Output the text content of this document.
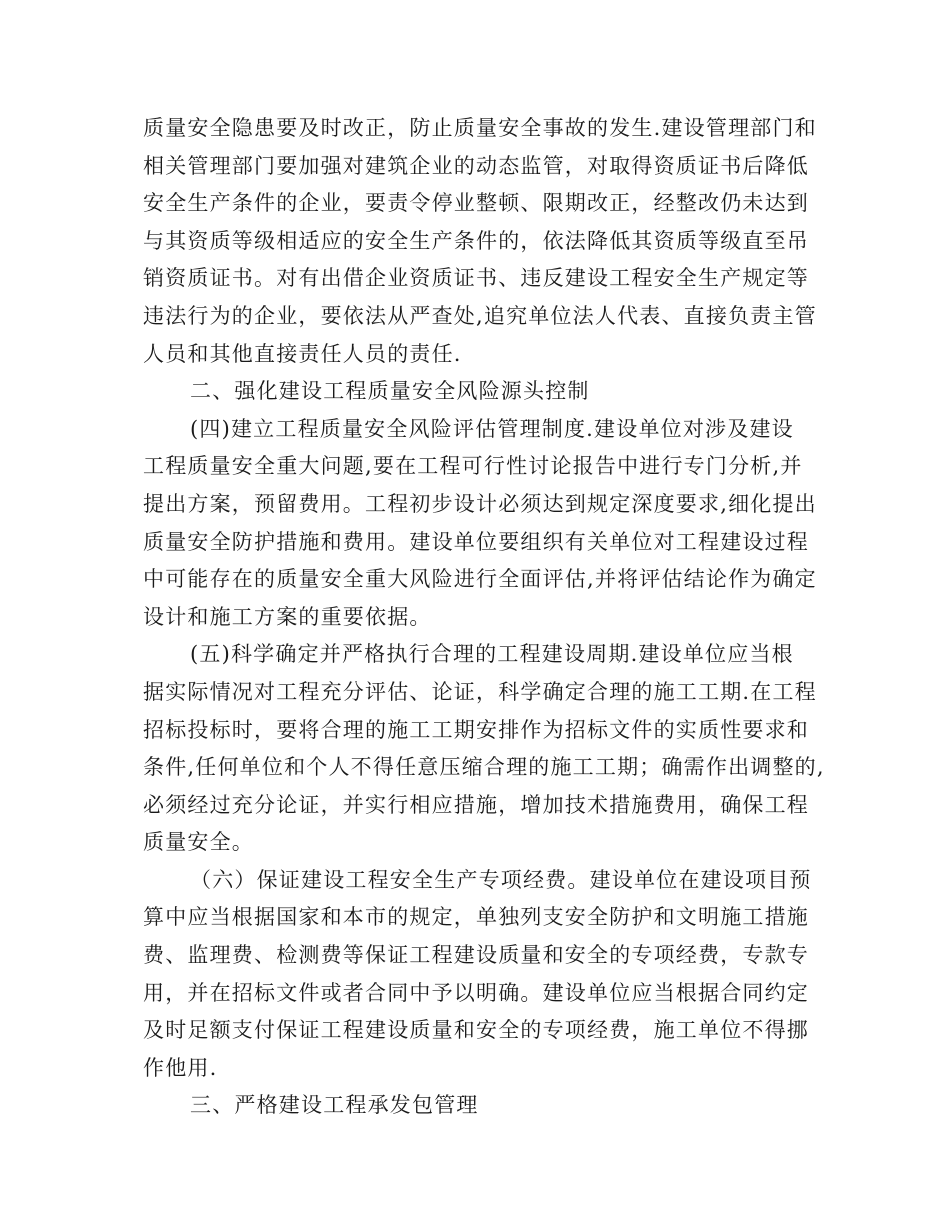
质量安全隐患要及时改正，防止质量安全事故的发生.建设管理部门和
相关管理部门要加强对建筑企业的动态监管，对取得资质证书后降低
安全生产条件的企业，要责令停业整顿、限期改正，经整改仍未达到
与其资质等级相适应的安全生产条件的，依法降低其资质等级直至吊
销资质证书。对有出借企业资质证书、违反建设工程安全生产规定等
违法行为的企业，要依法从严查处,追究单位法人代表、直接负责主管
人员和其他直接责任人员的责任.
二、强化建设工程质量安全风险源头控制
(四)建立工程质量安全风险评估管理制度.建设单位对涉及建设
工程质量安全重大问题,要在工程可行性讨论报告中进行专门分析,并
提出方案，预留费用。工程初步设计必须达到规定深度要求,细化提出
质量安全防护措施和费用。建设单位要组织有关单位对工程建设过程
中可能存在的质量安全重大风险进行全面评估,并将评估结论作为确定
设计和施工方案的重要依据。
(五)科学确定并严格执行合理的工程建设周期.建设单位应当根
据实际情况对工程充分评估、论证，科学确定合理的施工工期.在工程
招标投标时，要将合理的施工工期安排作为招标文件的实质性要求和
条件,任何单位和个人不得任意压缩合理的施工工期；确需作出调整的,
必须经过充分论证，并实行相应措施，增加技术措施费用，确保工程
质量安全。
（六）保证建设工程安全生产专项经费。建设单位在建设项目预
算中应当根据国家和本市的规定，单独列支安全防护和文明施工措施
费、监理费、检测费等保证工程建设质量和安全的专项经费，专款专
用，并在招标文件或者合同中予以明确。建设单位应当根据合同约定
及时足额支付保证工程建设质量和安全的专项经费，施工单位不得挪
作他用.
三、严格建设工程承发包管理
